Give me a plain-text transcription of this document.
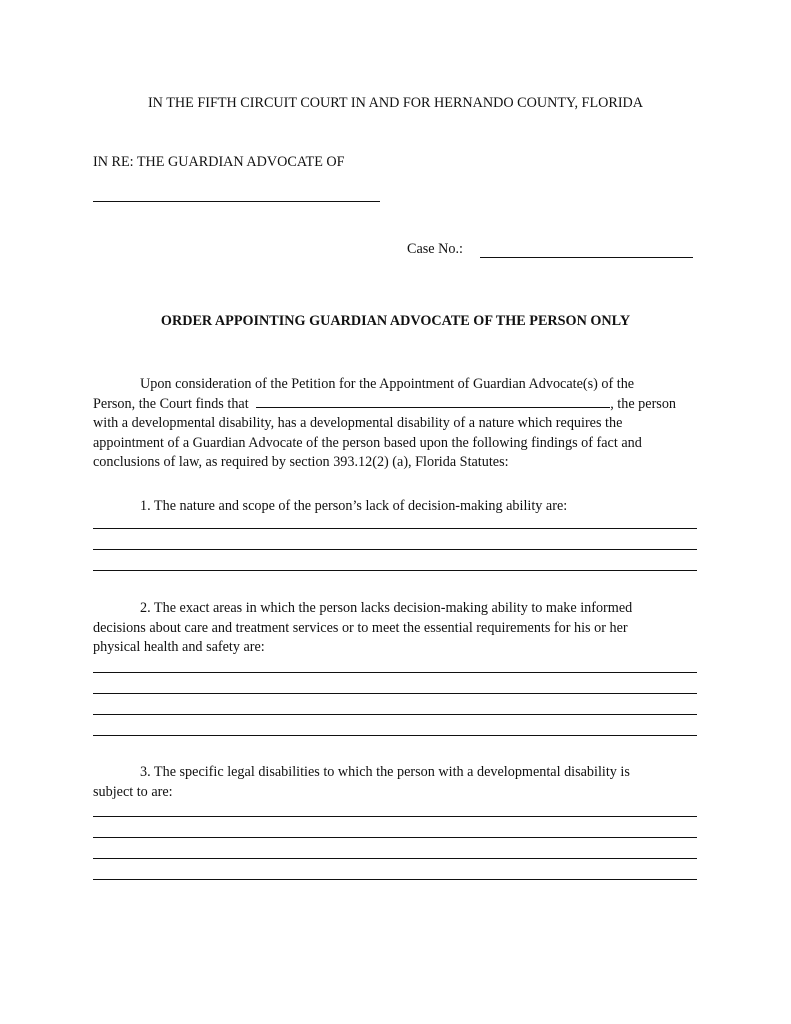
IN THE FIFTH CIRCUIT COURT IN AND FOR HERNANDO COUNTY, FLORIDA
IN RE: THE GUARDIAN ADVOCATE OF
Case No.:
ORDER APPOINTING GUARDIAN ADVOCATE OF THE PERSON ONLY
Upon consideration of the Petition for the Appointment of Guardian Advocate(s) of the
Person, the Court finds that	, the person
with a developmental disability, has a developmental disability of a nature which requires the
appointment of a Guardian Advocate of the person based upon the following findings of fact and
conclusions of law, as required by section 393.12(2) (a), Florida Statutes:
1. The nature and scope of the person’s lack of decision-making ability are:
2. The exact areas in which the person lacks decision-making ability to make informed
decisions about care and treatment services or to meet the essential requirements for his or her
physical health and safety are:
3. The specific legal disabilities to which the person with a developmental disability is
subject to are:
